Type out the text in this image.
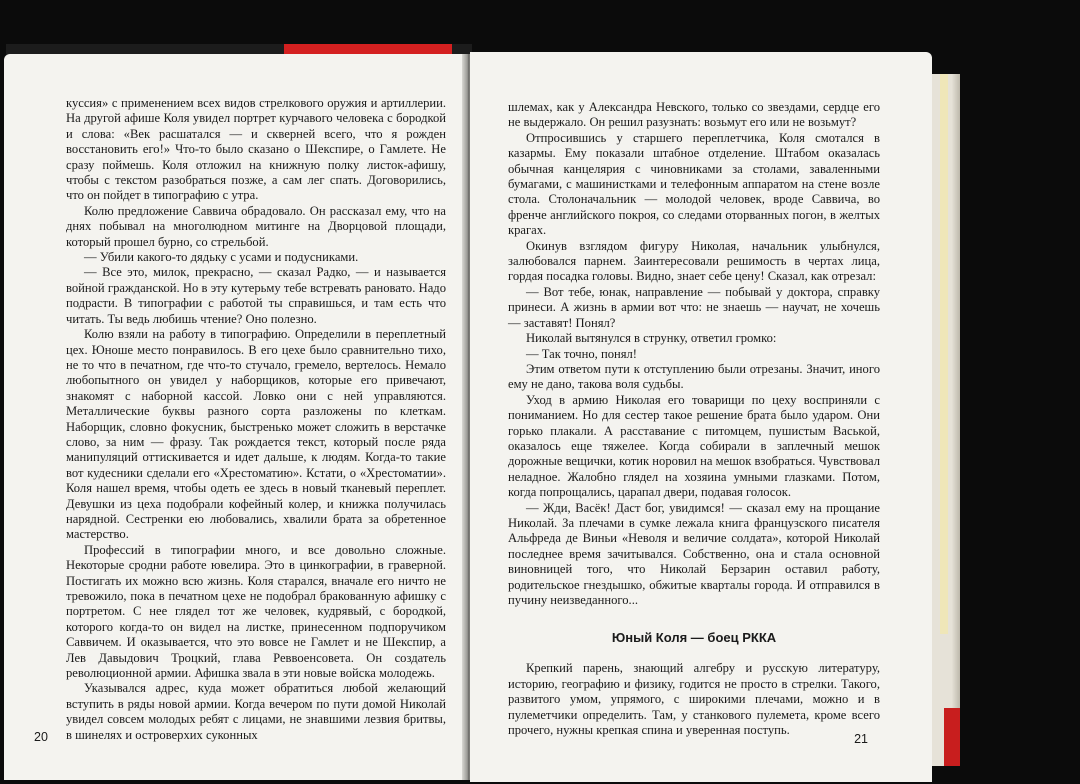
куссия» с применением всех видов стрелкового оружия и артиллерии. На другой афише Коля увидел портрет курчавого человека с бородкой и слова: «Век расшатался — и скверней всего, что я рожден восстановить его!» Что-то было сказано о Шекспире, о Гамлете. Не сразу поймешь. Коля отложил на книжную полку листок-афишу, чтобы с текстом разобраться позже, а сам лег спать. Договорились, что он пойдет в типографию с утра.

Колю предложение Саввича обрадовало. Он рассказал ему, что на днях побывал на многолюдном митинге на Дворцовой площади, который прошел бурно, со стрельбой.

— Убили какого-то дядьку с усами и подусниками.

— Все это, милок, прекрасно, — сказал Радко, — и называется войной гражданской. Но в эту кутерьму тебе встревать рановато. Надо подрасти. В типографии с работой ты справишься, и там есть что читать. Ты ведь любишь чтение? Оно полезно.

Колю взяли на работу в типографию. Определили в переплетный цех. Юноше место понравилось. В его цехе было сравнительно тихо, не то что в печатном, где что-то стучало, гремело, вертелось. Немало любопытного он увидел у наборщиков, которые его привечают, знакомят с наборной кассой. Ловко они с ней управляются. Металлические буквы разного сорта разложены по клеткам. Наборщик, словно фокусник, быстренько может сложить в верстачке слово, за ним — фразу. Так рождается текст, который после ряда манипуляций оттискивается и идет дальше, к людям. Когда-то такие вот кудесники сделали его «Хрестоматию». Кстати, о «Хрестоматии». Коля нашел время, чтобы одеть ее здесь в новый тканевый переплет. Девушки из цеха подобрали кофейный колер, и книжка получилась нарядной. Сестренки ею любовались, хвалили брата за обретенное мастерство.

Профессий в типографии много, и все довольно сложные. Некоторые сродни работе ювелира. Это в цинкографии, в граверной. Постигать их можно всю жизнь. Коля старался, вначале его ничто не тревожило, пока в печатном цехе не подобрал бракованную афишку с портретом. С нее глядел тот же человек, кудрявый, с бородкой, которого когда-то он видел на листке, принесенном подпоручиком Саввичем. И оказывается, что это вовсе не Гамлет и не Шекспир, а Лев Давыдович Троцкий, глава Реввоенсовета. Он создатель революционной армии. Афишка звала в эти новые войска молодежь.

Указывался адрес, куда может обратиться любой желающий вступить в ряды новой армии. Когда вечером по пути домой Николай увидел совсем молодых ребят с лицами, не знавшими лезвия бритвы, в шинелях и островерхих суконных

20

шлемах, как у Александра Невского, только со звездами, сердце его не выдержало. Он решил разузнать: возьмут его или не возьмут?

Отпросившись у старшего переплетчика, Коля смотался в казармы. Ему показали штабное отделение. Штабом оказалась обычная канцелярия с чиновниками за столами, заваленными бумагами, с машинистками и телефонным аппаратом на стене возле стола. Столоначальник — молодой человек, вроде Саввича, во френче английского покроя, со следами оторванных погон, в желтых крагах.

Окинув взглядом фигуру Николая, начальник улыбнулся, залюбовался парнем. Заинтересовали решимость в чертах лица, гордая посадка головы. Видно, знает себе цену! Сказал, как отрезал:

— Вот тебе, юнак, направление — побывай у доктора, справку принеси. А жизнь в армии вот что: не знаешь — научат, не хочешь — заставят! Понял?

Николай вытянулся в струнку, ответил громко:

— Так точно, понял!

Этим ответом пути к отступлению были отрезаны. Значит, иного ему не дано, такова воля судьбы.

Уход в армию Николая его товарищи по цеху восприняли с пониманием. Но для сестер такое решение брата было ударом. Они горько плакали. А расставание с питомцем, пушистым Васькой, оказалось еще тяжелее. Когда собирали в заплечный мешок дорожные вещички, котик норовил на мешок взобраться. Чувствовал неладное. Жалобно глядел на хозяина умными глазками. Потом, когда попрощались, царапал двери, подавая голосок.

— Жди, Васёк! Даст бог, увидимся! — сказал ему на прощание Николай. За плечами в сумке лежала книга французского писателя Альфреда де Виньи «Неволя и величие солдата», которой Николай последнее время зачитывался. Собственно, она и стала основной виновницей того, что Николай Берзарин оставил работу, родительское гнездышко, обжитые кварталы города. И отправился в пучину неизведанного...

Юный Коля — боец РККА

Крепкий парень, знающий алгебру и русскую литературу, историю, географию и физику, годится не просто в стрелки. Такого, развитого умом, упрямого, с широкими плечами, можно и в пулеметчики определить. Там, у станкового пулемета, кроме всего прочего, нужны крепкая спина и уверенная поступь.

21
